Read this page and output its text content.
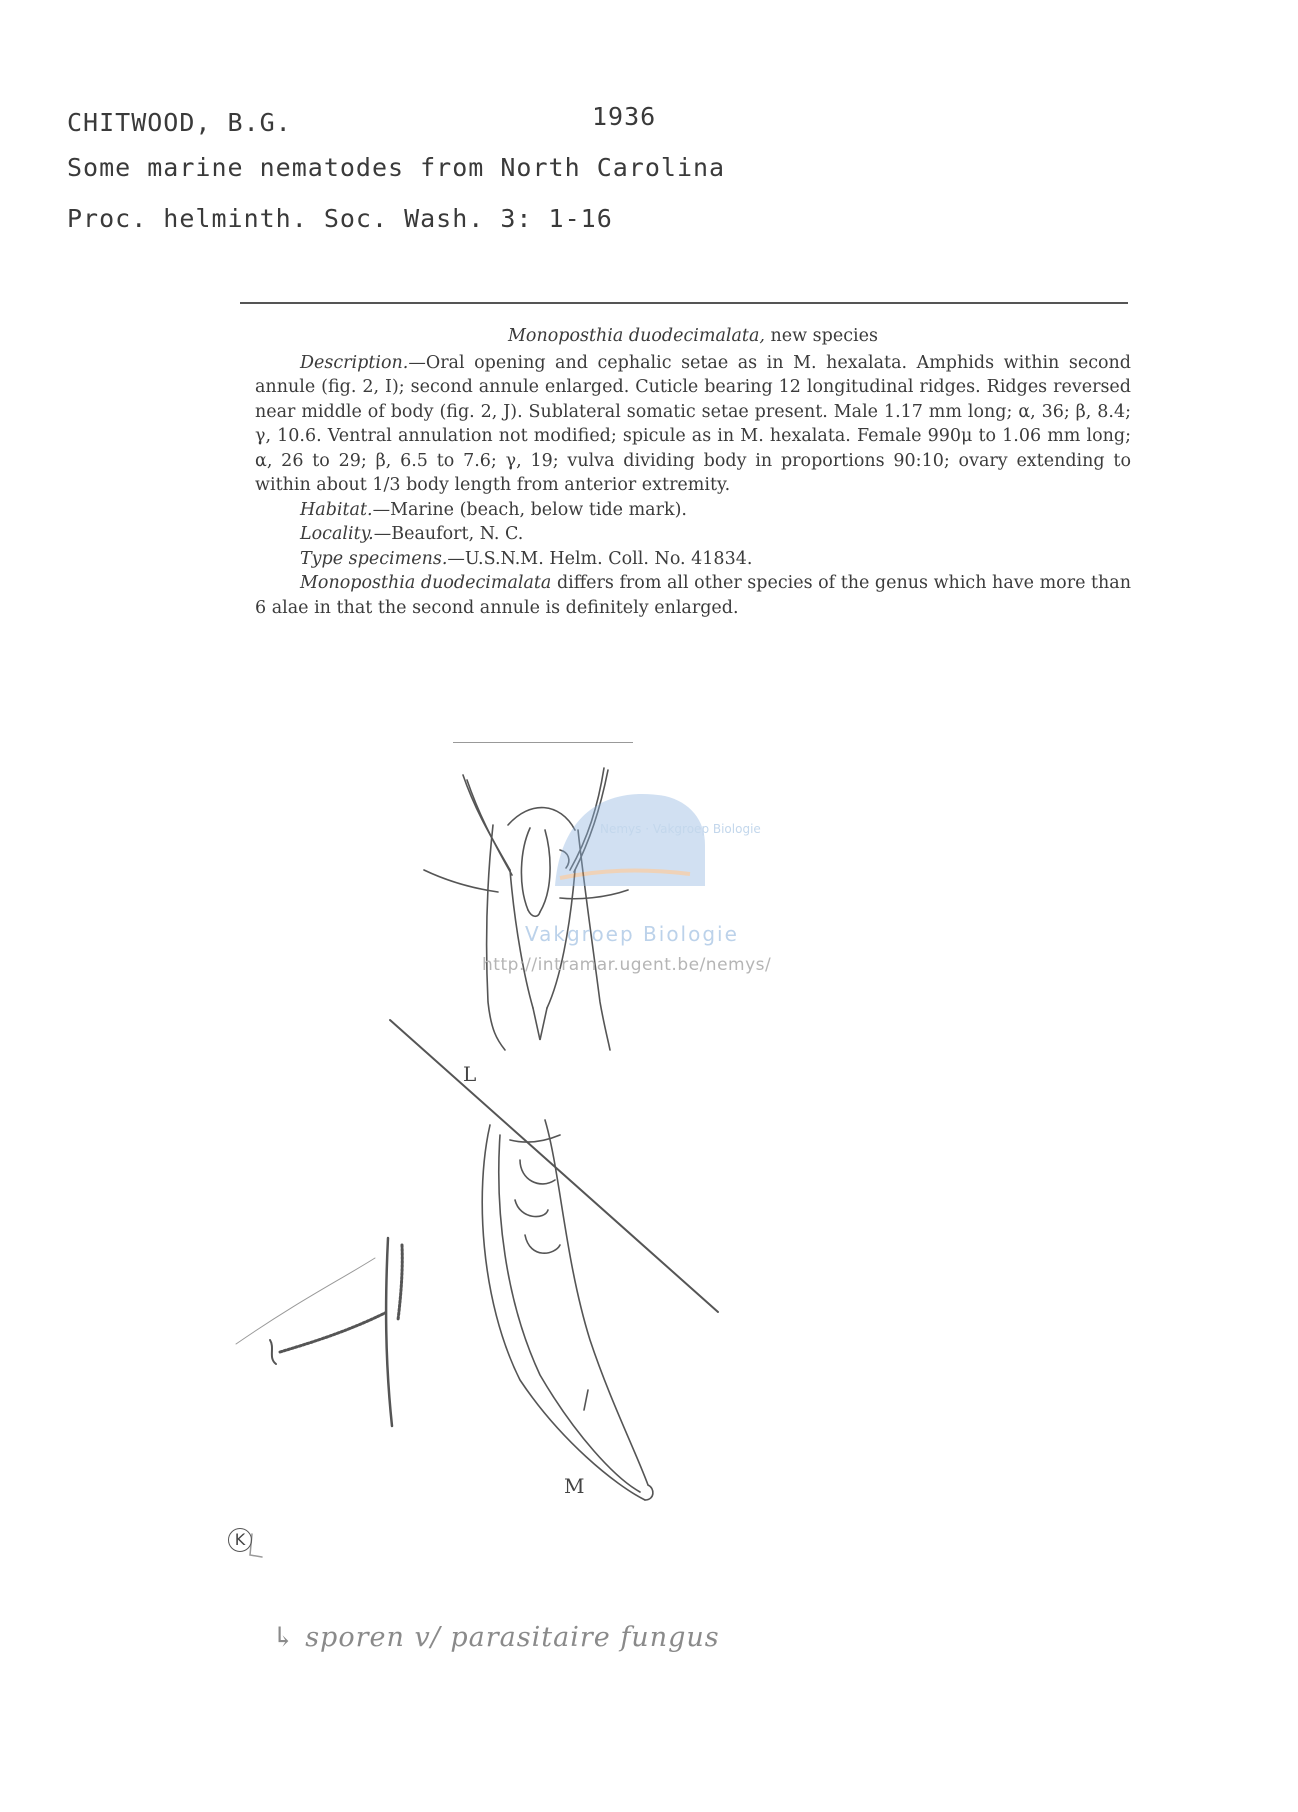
CHITWOOD, B.G.	1936
Some marine nematodes from North Carolina
Proc. helminth. Soc. Wash. 3: 1-16
Monoposthia duodecimalata, new species

Description.—Oral opening and cephalic setae as in M. hexalata. Amphids within second annule (fig. 2, I); second annule enlarged. Cuticle bearing 12 longitudinal ridges. Ridges reversed near middle of body (fig. 2, J). Sublateral somatic setae present. Male 1.17 mm long; α, 36; β, 8.4; γ, 10.6. Ventral annulation not modified; spicule as in M. hexalata. Female 990μ to 1.06 mm long; α, 26 to 29; β, 6.5 to 7.6; γ, 19; vulva dividing body in proportions 90:10; ovary extending to within about 1/3 body length from anterior extremity.

Habitat.—Marine (beach, below tide mark).

Locality.—Beaufort, N. C.

Type specimens.—U.S.N.M. Helm. Coll. No. 41834.

Monoposthia duodecimalata differs from all other species of the genus which have more than 6 alae in that the second annule is definitely enlarged.

Nemys · Vakgroep Biologie
Vakgroep Biologie
http://intramar.ugent.be/nemys/
L
M
K
↳ sporen v/ parasitaire fungus
